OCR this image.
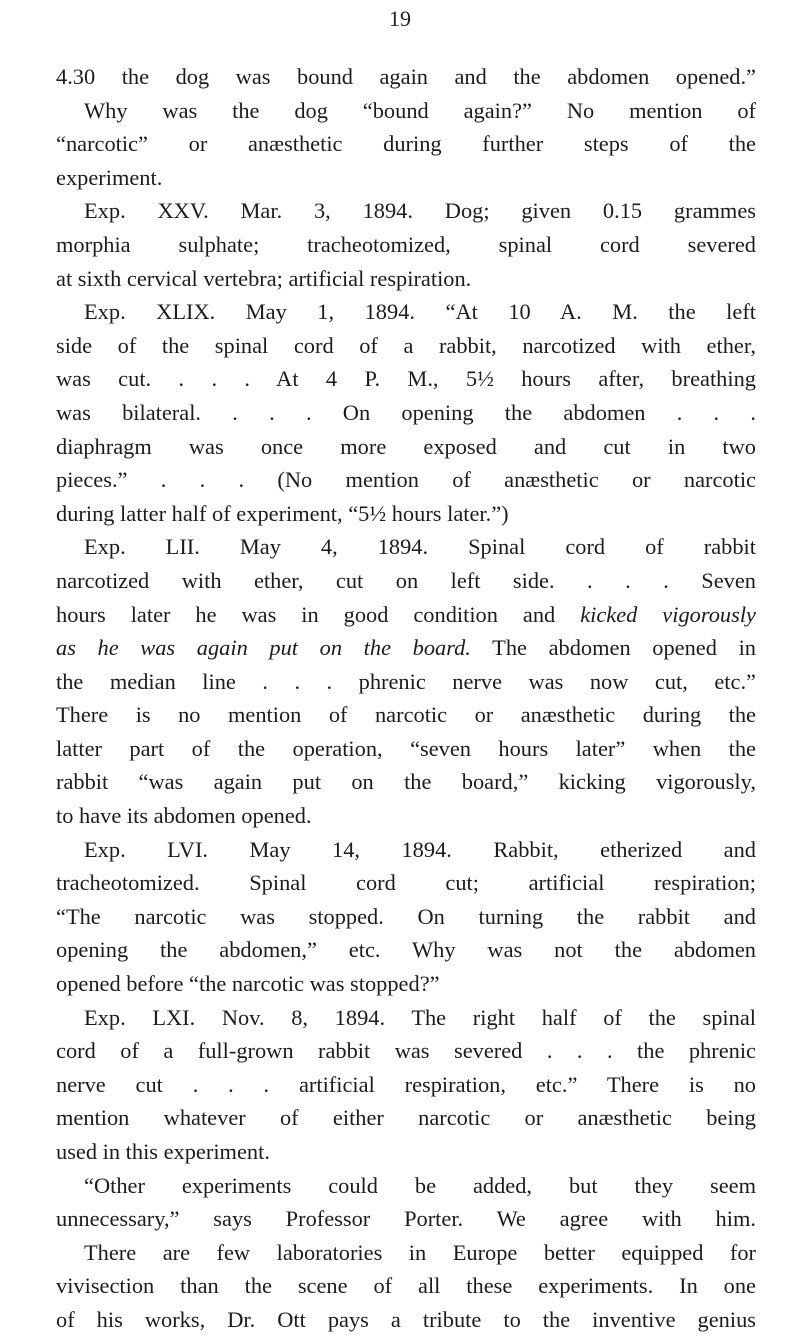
19
4.30 the dog was bound again and the abdomen opened.”
Why was the dog “bound again?” No mention of
“narcotic” or anæsthetic during further steps of the
experiment.
Exp. XXV. Mar. 3, 1894. Dog; given 0.15 grammes
morphia sulphate; tracheotomized, spinal cord severed
at sixth cervical vertebra; artificial respiration.
Exp. XLIX. May 1, 1894. “At 10 A. M. the left
side of the spinal cord of a rabbit, narcotized with ether,
was cut. . . . At 4 P. M., 5½ hours after, breathing
was bilateral. . . . On opening the abdomen . . .
diaphragm was once more exposed and cut in two
pieces.” . . . (No mention of anæsthetic or narcotic
during latter half of experiment, “5½ hours later.”)
Exp. LII. May 4, 1894. Spinal cord of rabbit
narcotized with ether, cut on left side. . . . Seven
hours later he was in good condition and kicked vigorously
as he was again put on the board. The abdomen opened in
the median line . . . phrenic nerve was now cut, etc.”
There is no mention of narcotic or anæsthetic during the
latter part of the operation, “seven hours later” when the
rabbit “was again put on the board,” kicking vigorously,
to have its abdomen opened.
Exp. LVI. May 14, 1894. Rabbit, etherized and
tracheotomized. Spinal cord cut; artificial respiration;
“The narcotic was stopped. On turning the rabbit and
opening the abdomen,” etc. Why was not the abdomen
opened before “the narcotic was stopped?”
Exp. LXI. Nov. 8, 1894. The right half of the spinal
cord of a full-grown rabbit was severed . . . the phrenic
nerve cut . . . artificial respiration, etc.” There is no
mention whatever of either narcotic or anæsthetic being
used in this experiment.
“Other experiments could be added, but they seem
unnecessary,” says Professor Porter. We agree with him.
There are few laboratories in Europe better equipped for
vivisection than the scene of all these experiments. In one
of his works, Dr. Ott pays a tribute to the inventive genius
